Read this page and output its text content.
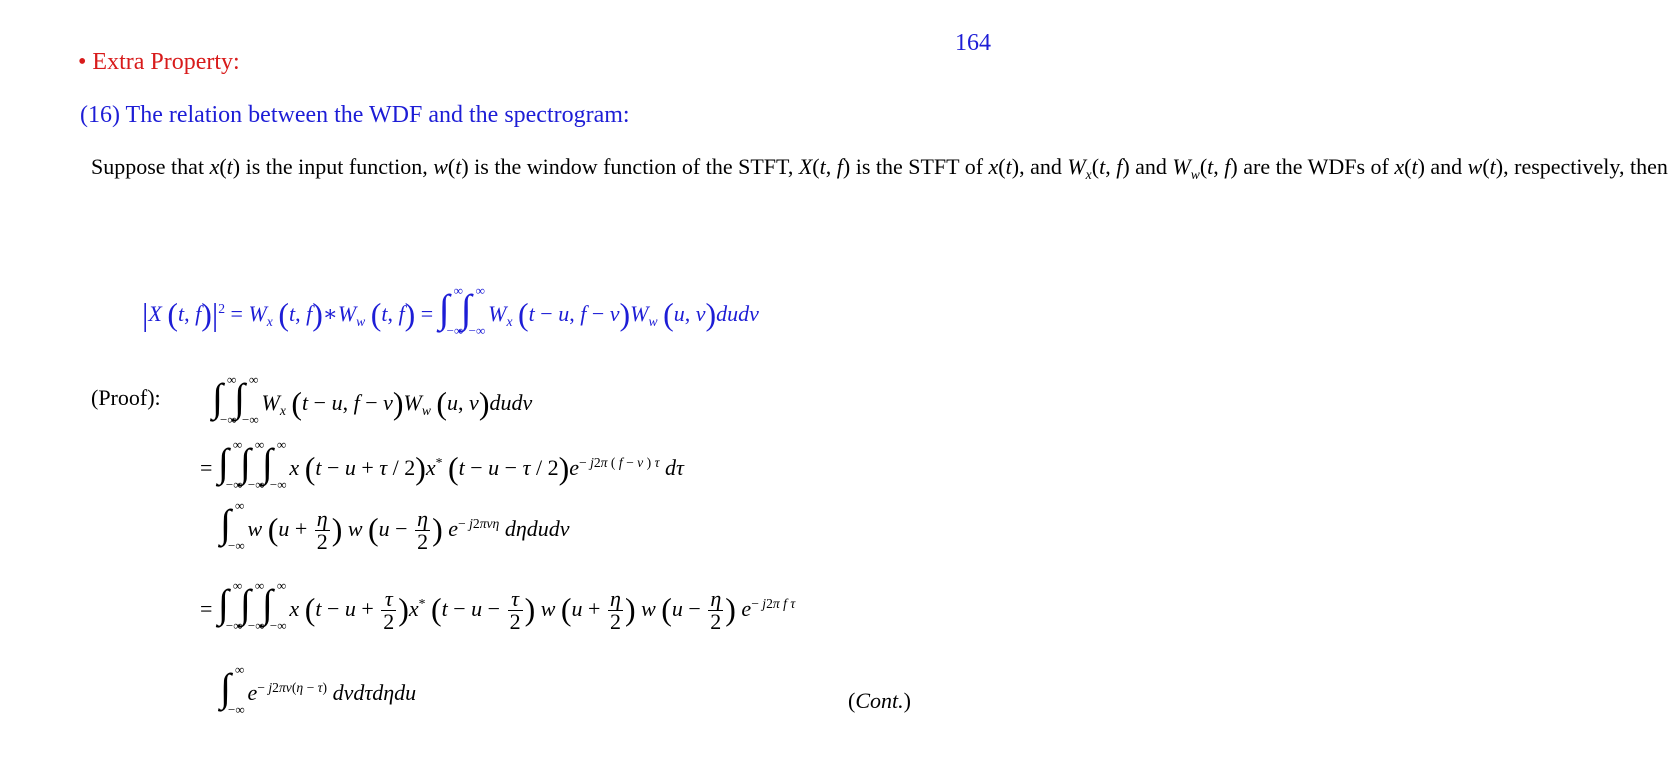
164
• Extra Property:
(16) The relation between the WDF and the spectrogram:
Suppose that x(t) is the input function, w(t) is the window function of the STFT, X(t, f) is the STFT of x(t), and $W_x(t$, f) and $W_w(t$, f) are the WDFs of x(t) and w(t), respectively, then
|X (t, $f)|^2 = W_x$ (t, $f)∗W_w$ (t, f) = ∫ ∞
−∞
∫ ∞
−∞
$W_x$ (t − u, $f - v)W_w$ (u, v)dudv
(Proof): ∫ ∞
−∞
∫ ∞
−∞
$W_x$ (t − u, $f - v)W_w$ (u, v)dudv
= ∫ ∞
−∞
∫ ∞
−∞
∫ ∞
−∞
x (t − u + τ / 2)x* $(t - u - \tau / 2)e^{- j2\pi ( f - v ) \tau}$ dτ
∫ ∞
−∞
w ($u + \frac{\eta}{2}$ ) w ($u - \frac{\eta}{2}$ ) $e^{- j2\pi v\eta}$ dηdudv
= ∫ ∞
−∞
∫ ∞
−∞
∫ ∞
−∞
x $(t - u + \frac{\tau}{2} )x^*$ ($t - u - \frac{\tau}{2}$ ) w ($u + \frac{\eta}{2}$ ) w ($u - \frac{\eta}{2}$ ) $e^{- j2\pi f \tau}$
∫ ∞
−∞
$e^{- j2\pi v(\eta - \tau)}$ dvdτdηdu	(Cont.)
